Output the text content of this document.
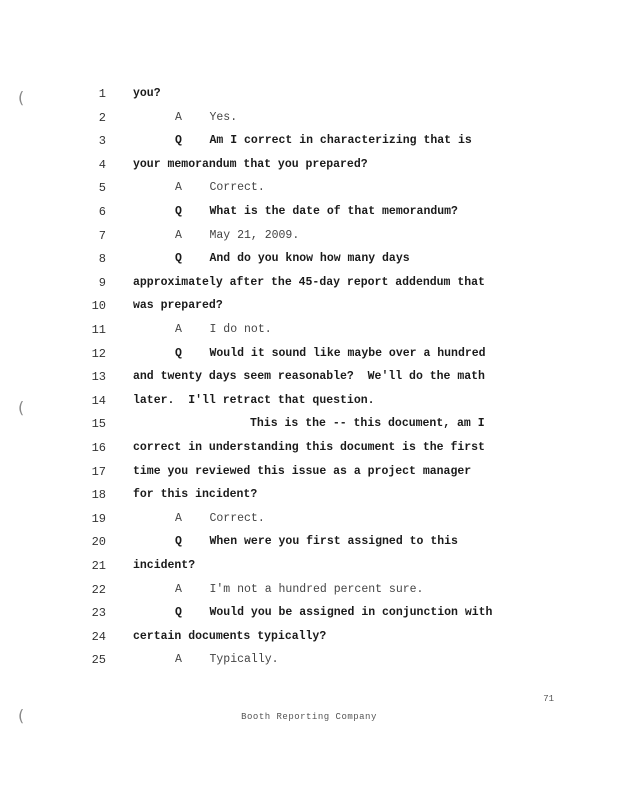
(
(
(
1 you?
2	A    Yes.
3	Q    Am I correct in characterizing that is
4 your memorandum that you prepared?
5	A    Correct.
6	Q    What is the date of that memorandum?
7	A    May 21, 2009.
8	Q    And do you know how many days
9 approximately after the 45-day report addendum that
10 was prepared?
11	A    I do not.
12	Q    Would it sound like maybe over a hundred
13 and twenty days seem reasonable?  We'll do the math
14 later.  I'll retract that question.
15	This is the -- this document, am I
16 correct in understanding this document is the first
17 time you reviewed this issue as a project manager
18 for this incident?
19	A    Correct.
20	Q    When were you first assigned to this
21 incident?
22	A    I'm not a hundred percent sure.
23	Q    Would you be assigned in conjunction with
24 certain documents typically?
25	A    Typically.
71
Booth Reporting Company
